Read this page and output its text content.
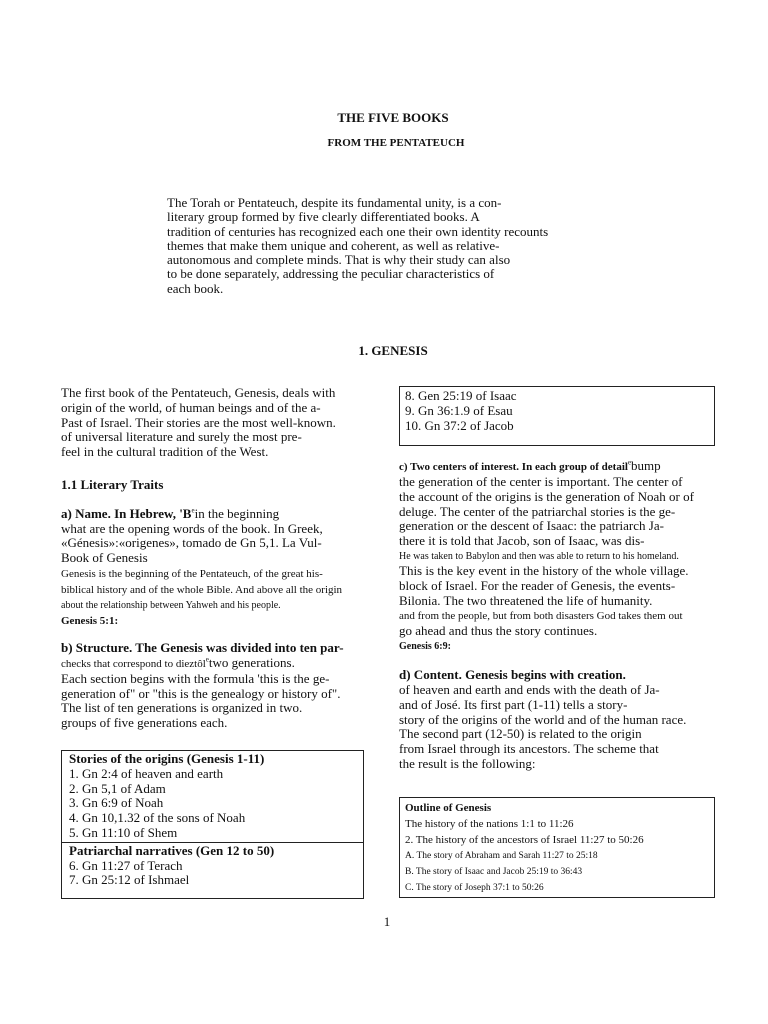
THE FIVE BOOKS
FROM THE PENTATEUCH
The Torah or Pentateuch, despite its fundamental unity, is a con-
literary group formed by five clearly differentiated books. A
tradition of centuries has recognized each one their own identity recounts
themes that make them unique and coherent, as well as relative-
autonomous and complete minds. That is why their study can also
to be done separately, addressing the peculiar characteristics of
each book.
1. GENESIS
The first book of the Pentateuch, Genesis, deals with
origin of the world, of human beings and of the a-
Past of Israel. Their stories are the most well-known.
of universal literature and surely the most pre-
feel in the cultural tradition of the West.
1.1 Literary Traits
a) Name. In Hebrew, '$B^ein$ the beginning
what are the opening words of the book. In Greek,
«Génesis»:«origenes», tomado de Gn 5,1. La Vul-
Book of Genesis
Genesis is the beginning of the Pentateuch, of the great his-
biblical history and of the whole Bible. And above all the origin
about the relationship between Yahweh and his people.
Genesis 5:1:
b) Structure. The Genesis was divided into ten par-
checks that correspond to dieztôl$^e$two generations.
Each section begins with the formula 'this is the ge-
generation of" or "this is the genealogy or history of".
The list of ten generations is organized in two.
groups of five generations each.
Stories of the origins (Genesis 1-11)
1. Gn 2:4 of heaven and earth
2. Gn 5,1 of Adam
3. Gn 6:9 of Noah
4. Gn 10,1.32 of the sons of Noah
5. Gn 11:10 of Shem
Patriarchal narratives (Gen 12 to 50)
6. Gn 11:27 of Terach
7. Gn 25:12 of Ishmael
8. Gen 25:19 of Isaac
9. Gn 36:1.9 of Esau
10. Gn 37:2 of Jacob
c) Two centers of interest. In each group of detail$^e$bump
the generation of the center is important. The center of
the account of the origins is the generation of Noah or of
deluge. The center of the patriarchal stories is the ge-
generation or the descent of Isaac: the patriarch Ja-
there it is told that Jacob, son of Isaac, was dis-
He was taken to Babylon and then was able to return to his homeland.
This is the key event in the history of the whole village.
block of Israel. For the reader of Genesis, the events-
Bilonia. The two threatened the life of humanity.
and from the people, but from both disasters God takes them out
go ahead and thus the story continues.
Genesis 6:9:
d) Content. Genesis begins with creation.
of heaven and earth and ends with the death of Ja-
and of José. Its first part (1-11) tells a story-
story of the origins of the world and of the human race.
The second part (12-50) is related to the origin
from Israel through its ancestors. The scheme that
the result is the following:
Outline of Genesis
The history of the nations 1:1 to 11:26
2. The history of the ancestors of Israel 11:27 to 50:26
A. The story of Abraham and Sarah 11:27 to 25:18
B. The story of Isaac and Jacob 25:19 to 36:43
C. The story of Joseph 37:1 to 50:26
1
